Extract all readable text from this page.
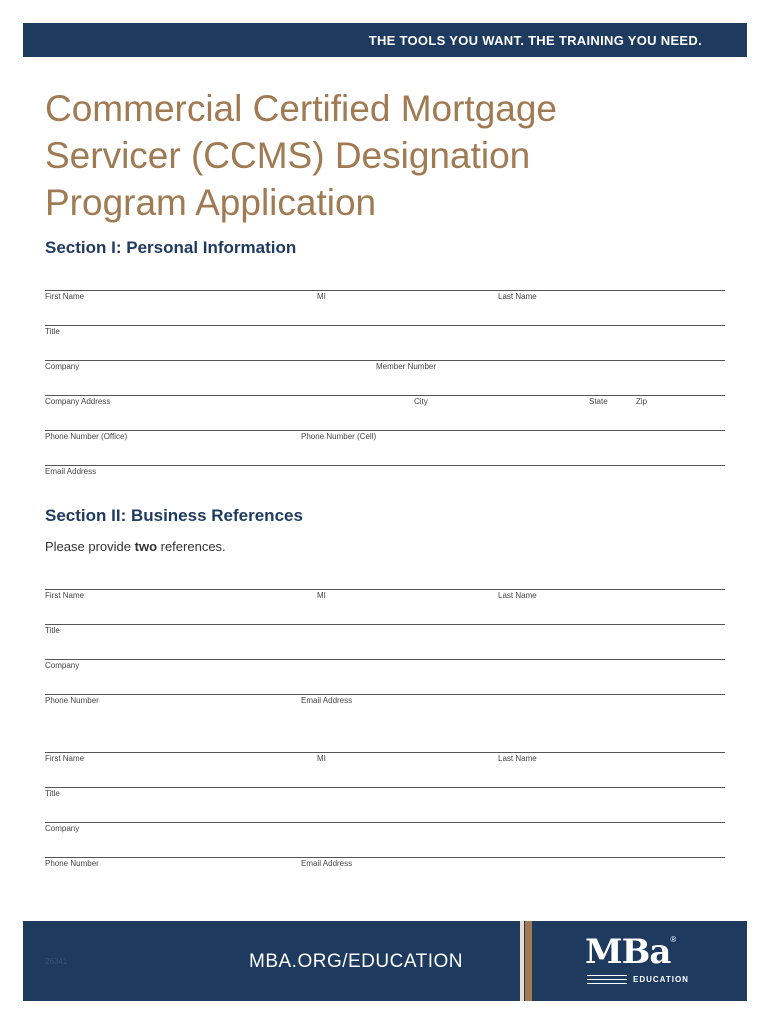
THE TOOLS YOU WANT. THE TRAINING YOU NEED.
Commercial Certified Mortgage
Servicer (CCMS) Designation
Program Application
Section I: Personal Information
First Name	MI	Last Name
Title
Company	Member Number
Company Address	City	State	Zip
Phone Number (Office)	Phone Number (Cell)
Email Address
Section II: Business References
Please provide two references.
First Name	MI	Last Name
Title
Company
Phone Number	Email Address
First Name	MI	Last Name
Title
Company
Phone Number	Email Address
26341	MBA.ORG/EDUCATION	MBa®
EDUCATION
